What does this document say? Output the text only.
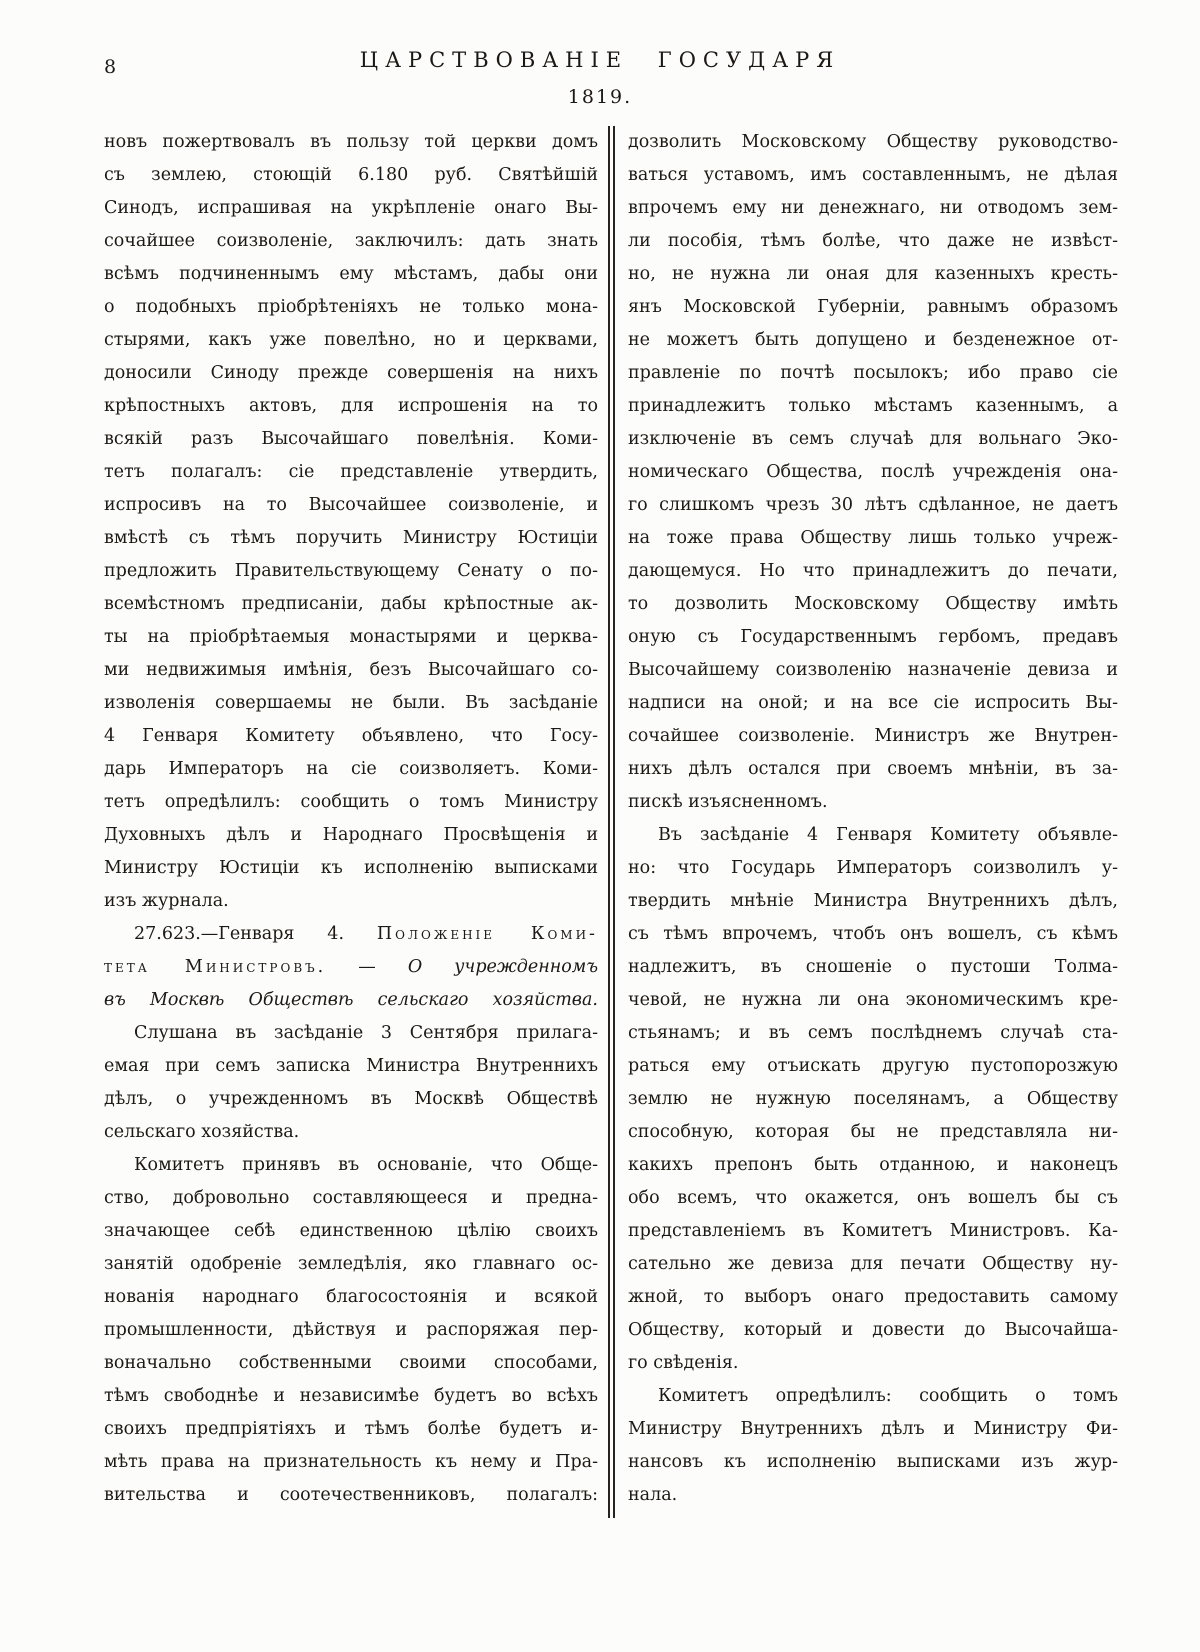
8	ЦАРСТВОВАНІЕ ГОСУДАРЯ
1819.
новъ пожертвовалъ въ пользу той церкви домъ
съ землею, стоющій 6.180 руб. Святѣйшій
Синодъ, испрашивая на укрѣпленіе онаго Вы-
сочайшее соизволеніе, заключилъ: дать знать
всѣмъ подчиненнымъ ему мѣстамъ, дабы они
о подобныхъ пріобрѣтеніяхъ не только мона-
стырями, какъ уже повелѣно, но и церквами,
доносили Синоду прежде совершенія на нихъ
крѣпостныхъ актовъ, для испрошенія на то
всякій разъ Высочайшаго повелѣнія. Коми-
тетъ полагалъ: сіе представленіе утвердить,
испросивъ на то Высочайшее соизволеніе, и
вмѣстѣ съ тѣмъ поручить Министру Юстиціи
предложить Правительствующему Сенату о по-
всемѣстномъ предписаніи, дабы крѣпостные ак-
ты на пріобрѣтаемыя монастырями и церква-
ми недвижимыя имѣнія, безъ Высочайшаго со-
изволенія совершаемы не были. Въ засѣданіе
4 Генваря Комитету объявлено, что Госу-
дарь Императоръ на сіе соизволяетъ. Коми-
тетъ опредѣлилъ: сообщить о томъ Министру
Духовныхъ дѣлъ и Народнаго Просвѣщенія и
Министру Юстиціи къ исполненію выписками
изъ журнала.
27.623.—Генваря 4. Положеніе Коми-
тета Министровъ. — О учрежденномъ
въ Москвѣ Обществѣ сельскаго хозяйства.
Слушана въ засѣданіе 3 Сентября прилага-
емая при семъ записка Министра Внутреннихъ
дѣлъ, о учрежденномъ въ Москвѣ Обществѣ
сельскаго хозяйства.
Комитетъ принявъ въ основаніе, что Обще-
ство, добровольно составляющееся и предна-
значающее себѣ единственною цѣлію своихъ
занятій одобреніе земледѣлія, яко главнаго ос-
нованія народнаго благосостоянія и всякой
промышленности, дѣйствуя и распоряжая пер-
воначально собственными своими способами,
тѣмъ свободнѣе и независимѣе будетъ во всѣхъ
своихъ предпріятіяхъ и тѣмъ болѣе будетъ и-
мѣть права на признательность къ нему и Пра-
вительства и соотечественниковъ, полагалъ:
дозволить Московскому Обществу руководство-
ваться уставомъ, имъ составленнымъ, не дѣлая
впрочемъ ему ни денежнаго, ни отводомъ зем-
ли пособія, тѣмъ болѣе, что даже не извѣст-
но, не нужна ли оная для казенныхъ кресть-
янъ Московской Губерніи, равнымъ образомъ
не можетъ быть допущено и безденежное от-
правленіе по почтѣ посылокъ; ибо право сіе
принадлежитъ только мѣстамъ казеннымъ, а
изключеніе въ семъ случаѣ для вольнаго Эко-
номическаго Общества, послѣ учрежденія она-
го слишкомъ чрезъ 30 лѣтъ сдѣланное, не даетъ
на тоже права Обществу лишь только учреж-
дающемуся. Но что принадлежитъ до печати,
то дозволить Московскому Обществу имѣть
оную съ Государственнымъ гербомъ, предавъ
Высочайшему соизволенію назначеніе девиза и
надписи на оной; и на все сіе испросить Вы-
сочайшее соизволеніе. Министръ же Внутрен-
нихъ дѣлъ остался при своемъ мнѣніи, въ за-
пискѣ изъясненномъ.
Въ засѣданіе 4 Генваря Комитету объявле-
но: что Государь Императоръ соизволилъ у-
твердить мнѣніе Министра Внутреннихъ дѣлъ,
съ тѣмъ впрочемъ, чтобъ онъ вошелъ, съ кѣмъ
надлежитъ, въ сношеніе о пустоши Толма-
чевой, не нужна ли она экономическимъ кре-
стьянамъ; и въ семъ послѣднемъ случаѣ ста-
раться ему отъискать другую пустопорозжую
землю не нужную поселянамъ, а Обществу
способную, которая бы не представляла ни-
какихъ препонъ быть отданною, и наконецъ
обо всемъ, что окажется, онъ вошелъ бы съ
представленіемъ въ Комитетъ Министровъ. Ка-
сательно же девиза для печати Обществу ну-
жной, то выборъ онаго предоставить самому
Обществу, который и довести до Высочайша-
го свѣденія.
Комитетъ опредѣлилъ: сообщить о томъ
Министру Внутреннихъ дѣлъ и Министру Фи-
нансовъ къ исполненію выписками изъ жур-
нала.
